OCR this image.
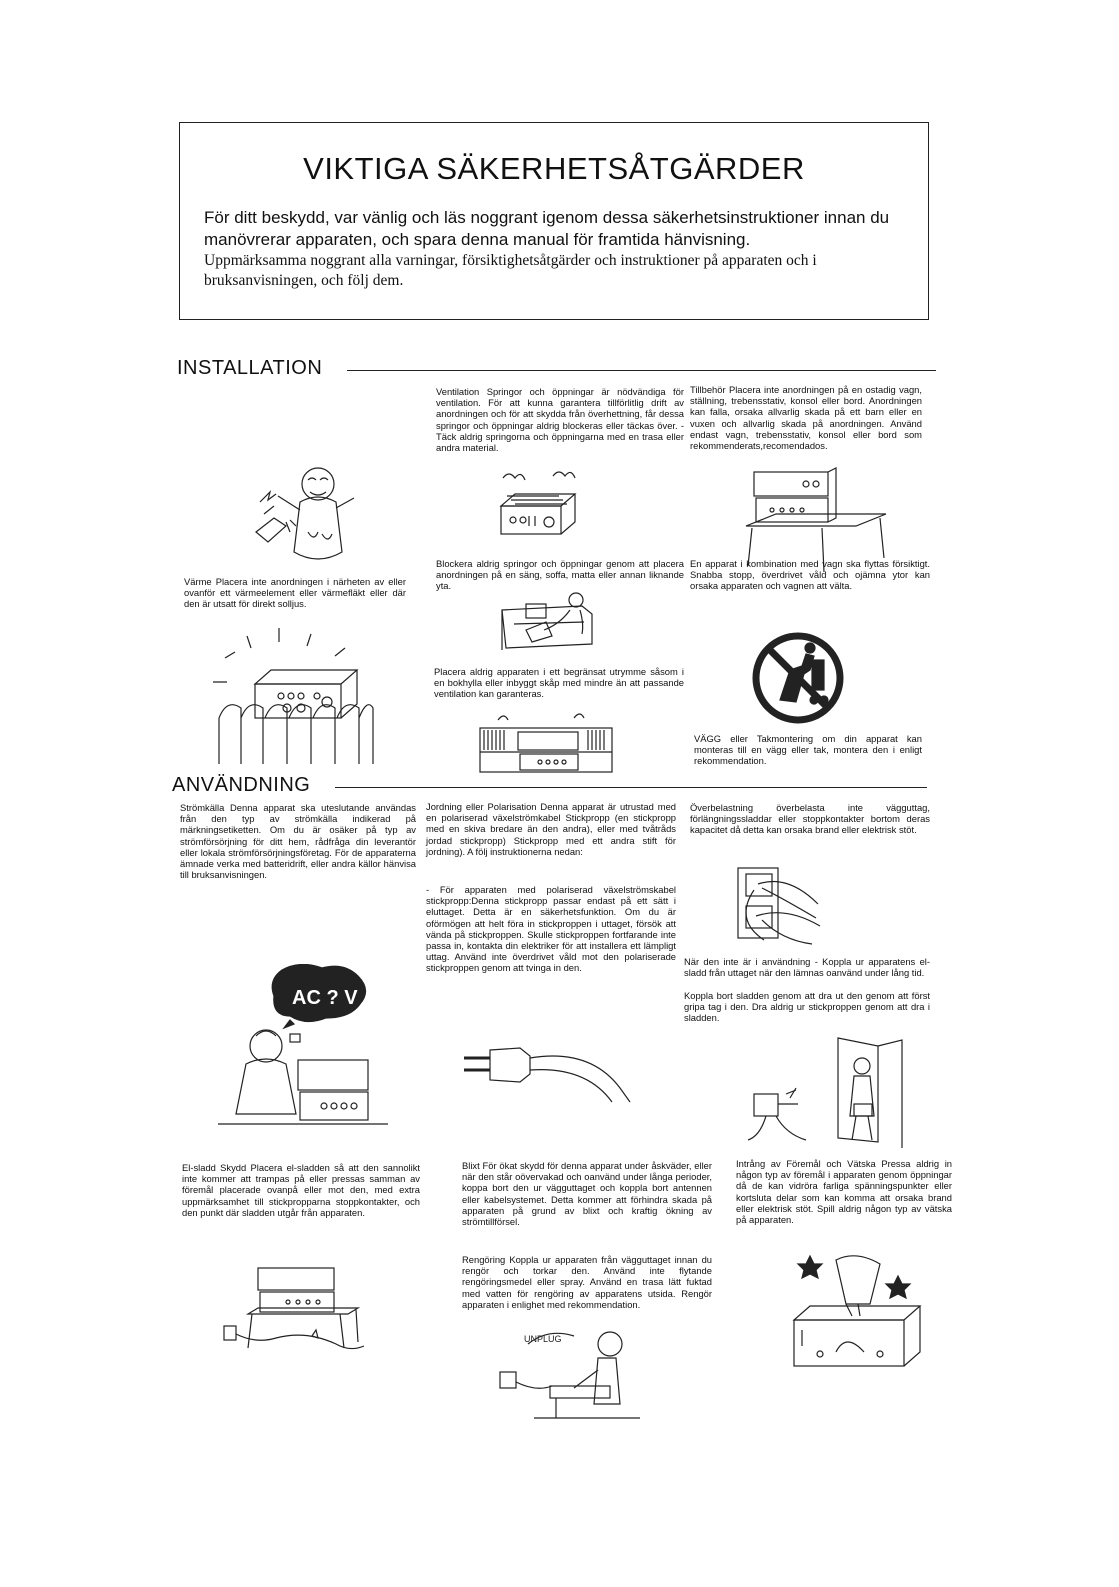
VIKTIGA SÄKERHETSÅTGÄRDER
För ditt beskydd, var vänlig och läs noggrant igenom dessa säkerhetsinstruktioner innan du manövrerar apparaten, och spara denna manual för framtida hänvisning.
Uppmärksamma noggrant alla varningar, försiktighetsåtgärder och instruktioner på apparaten och i bruksanvisningen, och följ dem.
INSTALLATION

Ventilation Springor och öppningar är nödvändiga för ventilation. För att kunna garantera tillförlitlig drift av anordningen och för att skydda från överhettning, får dessa springor och öppningar aldrig blockeras eller täckas över. - Täck aldrig springorna och öppningarna med en trasa eller andra material.

Tillbehör Placera inte anordningen på en ostadig vagn, ställning, trebensstativ, konsol eller bord. Anordningen kan falla, orsaka allvarlig skada på ett barn eller en vuxen och allvarlig skada på anordningen. Använd endast vagn, trebensstativ, konsol eller bord som rekommenderats,recomendados.

Blockera aldrig springor och öppningar genom att placera anordningen på en säng, soffa, matta eller annan liknande yta.

En apparat i kombination med vagn ska flyttas försiktigt. Snabba stopp, överdrivet våld och ojämna ytor kan orsaka apparaten och vagnen att välta.

Värme Placera inte anordningen i närheten av eller ovanför ett värmeelement eller värmefläkt eller där den är utsatt för direkt solljus.

Placera aldrig apparaten i ett begränsat utrymme såsom i en bokhylla eller inbyggt skåp med mindre än att passande ventilation kan garanteras.

VÄGG eller Takmontering om din apparat kan monteras till en vägg eller tak, montera den i enligt rekommendation.

ANVÄNDNING

Strömkälla Denna apparat ska uteslutande användas från den typ av strömkälla indikerad på märkningsetiketten. Om du är osäker på typ av strömförsörjning för ditt hem, rådfråga din leverantör eller lokala strömförsörjningsföretag. För de apparaterna ämnade verka med batteridrift, eller andra källor hänvisa till bruksanvisningen.

Jordning eller Polarisation Denna apparat är utrustad med en polariserad växelströmkabel Stickpropp (en stickpropp med en skiva bredare än den andra), eller med tvåtråds jordad stickpropp) Stickpropp med ett andra stift för jordning). A följ instruktionerna nedan:

Överbelastning överbelasta inte vägguttag, förlängningssladdar eller stoppkontakter bortom deras kapacitet då detta kan orsaka brand eller elektrisk stöt.

- För apparaten med polariserad växelströmskabel stickpropp:Denna stickpropp passar endast på ett sätt i eluttaget. Detta är en säkerhetsfunktion. Om du är oförmögen att helt föra in stickproppen i uttaget, försök att vända på stickproppen. Skulle stickproppen fortfarande inte passa in, kontakta din elektriker för att installera ett lämpligt uttag. Använd inte överdrivet våld mot den polariserade stickproppen genom att tvinga in den.

När den inte är i användning - Koppla ur apparatens el-sladd från uttaget när den lämnas oanvänd under lång tid.

Koppla bort sladden genom att dra ut den genom att först gripa tag i den. Dra aldrig ur stickproppen genom att dra i sladden.

AC ? V

El-sladd Skydd Placera el-sladden så att den sannolikt inte kommer att trampas på eller pressas samman av föremål placerade ovanpå eller mot den, med extra uppmärksamhet till stickpropparna stoppkontakter, och den punkt där sladden utgår från apparaten.

Blixt För ökat skydd för denna apparat under åskväder, eller när den står oövervakad och oanvänd under långa perioder, koppa bort den ur vägguttaget och koppla bort antennen eller kabelsystemet. Detta kommer att förhindra skada på apparaten på grund av blixt och kraftig ökning av strömtillförsel.

Intrång av Föremål och Vätska Pressa aldrig in någon typ av föremål i apparaten genom öppningar då de kan vidröra farliga spänningspunkter eller kortsluta delar som kan komma att orsaka brand eller elektrisk stöt. Spill aldrig någon typ av vätska på apparaten.

Rengöring Koppla ur apparaten från vägguttaget innan du rengör och torkar den. Använd inte flytande rengöringsmedel eller spray. Använd en trasa lätt fuktad med vatten för rengöring av apparatens utsida. Rengör apparaten i enlighet med rekommendation.

UNPLUG
